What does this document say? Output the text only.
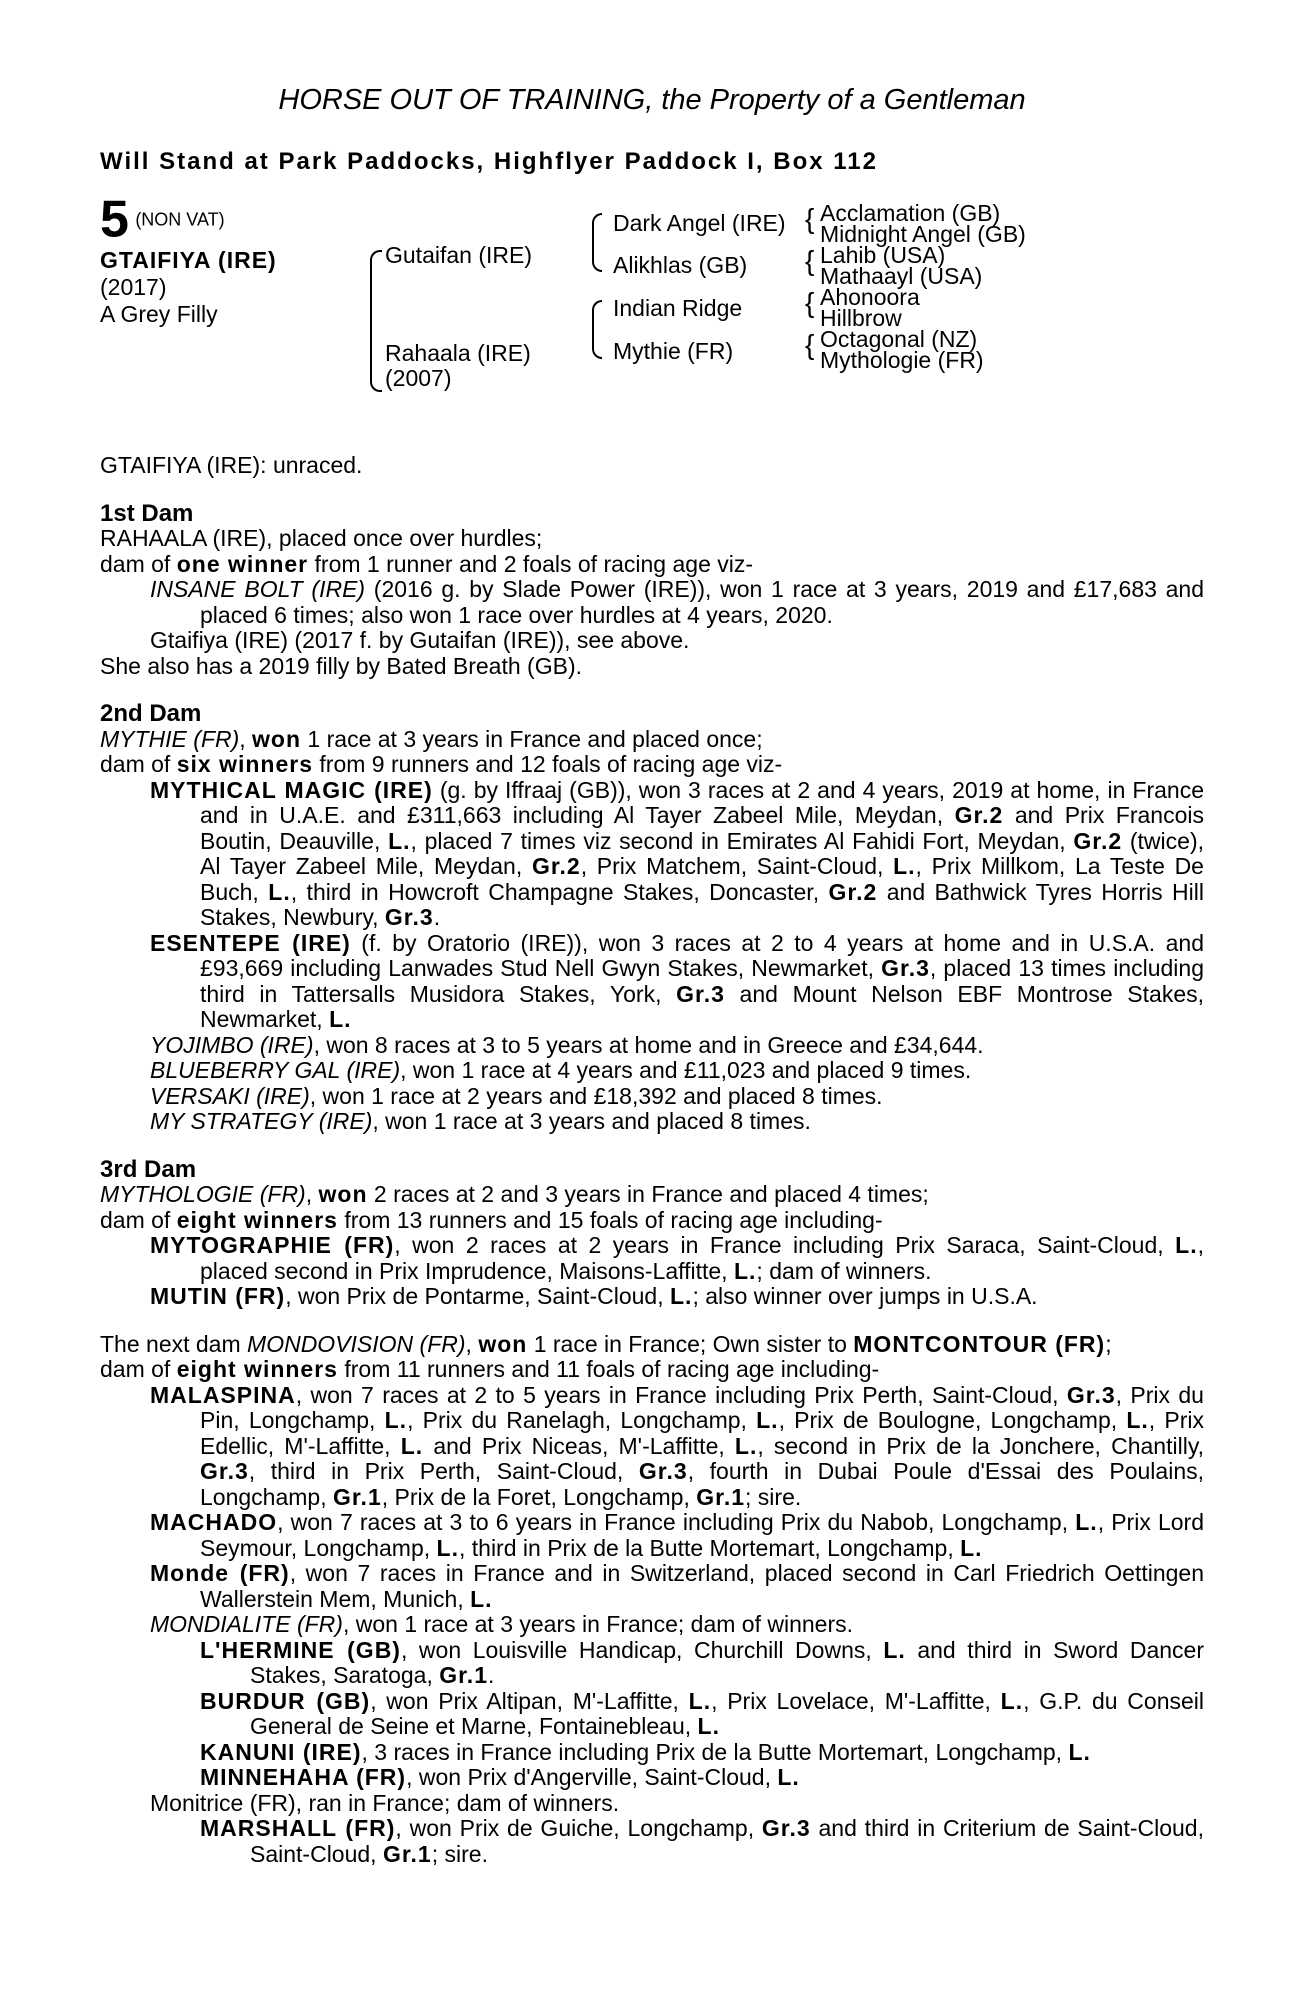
HORSE OUT OF TRAINING, the Property of a Gentleman
Will Stand at Park Paddocks, Highflyer Paddock I, Box 112
5 (NON VAT)
GTAIFIYA (IRE)
(2017)
A Grey Filly
Gutaifan (IRE)
Rahaala (IRE)
(2007)
Dark Angel (IRE)
Alikhlas (GB)
Indian Ridge
Mythie (FR)
{ Acclamation (GB)
Midnight Angel (GB)
{ Lahib (USA)
Mathaayl (USA)
{ Ahonoora
Hillbrow
{ Octagonal (NZ)
Mythologie (FR)
GTAIFIYA (IRE): unraced.
1st Dam
RAHAALA (IRE), placed once over hurdles;
dam of one winner from 1 runner and 2 foals of racing age viz-
INSANE BOLT (IRE) (2016 g. by Slade Power (IRE)), won 1 race at 3 years, 2019 and £17,683 and placed 6 times; also won 1 race over hurdles at 4 years, 2020.
Gtaifiya (IRE) (2017 f. by Gutaifan (IRE)), see above.
She also has a 2019 filly by Bated Breath (GB).
2nd Dam
MYTHIE (FR), won 1 race at 3 years in France and placed once;
dam of six winners from 9 runners and 12 foals of racing age viz-
MYTHICAL MAGIC (IRE) (g. by Iffraaj (GB)), won 3 races at 2 and 4 years, 2019 at home, in France and in U.A.E. and £311,663 including Al Tayer Zabeel Mile, Meydan, Gr.2 and Prix Francois Boutin, Deauville, L., placed 7 times viz second in Emirates Al Fahidi Fort, Meydan, Gr.2 (twice), Al Tayer Zabeel Mile, Meydan, Gr.2, Prix Matchem, Saint-Cloud, L., Prix Millkom, La Teste De Buch, L., third in Howcroft Champagne Stakes, Doncaster, Gr.2 and Bathwick Tyres Horris Hill Stakes, Newbury, Gr.3.
ESENTEPE (IRE) (f. by Oratorio (IRE)), won 3 races at 2 to 4 years at home and in U.S.A. and £93,669 including Lanwades Stud Nell Gwyn Stakes, Newmarket, Gr.3, placed 13 times including third in Tattersalls Musidora Stakes, York, Gr.3 and Mount Nelson EBF Montrose Stakes, Newmarket, L.
YOJIMBO (IRE), won 8 races at 3 to 5 years at home and in Greece and £34,644.
BLUEBERRY GAL (IRE), won 1 race at 4 years and £11,023 and placed 9 times.
VERSAKI (IRE), won 1 race at 2 years and £18,392 and placed 8 times.
MY STRATEGY (IRE), won 1 race at 3 years and placed 8 times.
3rd Dam
MYTHOLOGIE (FR), won 2 races at 2 and 3 years in France and placed 4 times;
dam of eight winners from 13 runners and 15 foals of racing age including-
MYTOGRAPHIE (FR), won 2 races at 2 years in France including Prix Saraca, Saint-Cloud, L., placed second in Prix Imprudence, Maisons-Laffitte, L.; dam of winners.
MUTIN (FR), won Prix de Pontarme, Saint-Cloud, L.; also winner over jumps in U.S.A.
The next dam MONDOVISION (FR), won 1 race in France; Own sister to MONTCONTOUR (FR);
dam of eight winners from 11 runners and 11 foals of racing age including-
MALASPINA, won 7 races at 2 to 5 years in France including Prix Perth, Saint-Cloud, Gr.3, Prix du Pin, Longchamp, L., Prix du Ranelagh, Longchamp, L., Prix de Boulogne, Longchamp, L., Prix Edellic, M'-Laffitte, L. and Prix Niceas, M'-Laffitte, L., second in Prix de la Jonchere, Chantilly, Gr.3, third in Prix Perth, Saint-Cloud, Gr.3, fourth in Dubai Poule d'Essai des Poulains, Longchamp, Gr.1, Prix de la Foret, Longchamp, Gr.1; sire.
MACHADO, won 7 races at 3 to 6 years in France including Prix du Nabob, Longchamp, L., Prix Lord Seymour, Longchamp, L., third in Prix de la Butte Mortemart, Longchamp, L.
Monde (FR), won 7 races in France and in Switzerland, placed second in Carl Friedrich Oettingen Wallerstein Mem, Munich, L.
MONDIALITE (FR), won 1 race at 3 years in France; dam of winners.
L'HERMINE (GB), won Louisville Handicap, Churchill Downs, L. and third in Sword Dancer Stakes, Saratoga, Gr.1.
BURDUR (GB), won Prix Altipan, M'-Laffitte, L., Prix Lovelace, M'-Laffitte, L., G.P. du Conseil General de Seine et Marne, Fontainebleau, L.
KANUNI (IRE), 3 races in France including Prix de la Butte Mortemart, Longchamp, L.
MINNEHAHA (FR), won Prix d'Angerville, Saint-Cloud, L.
Monitrice (FR), ran in France; dam of winners.
MARSHALL (FR), won Prix de Guiche, Longchamp, Gr.3 and third in Criterium de Saint-Cloud, Saint-Cloud, Gr.1; sire.
